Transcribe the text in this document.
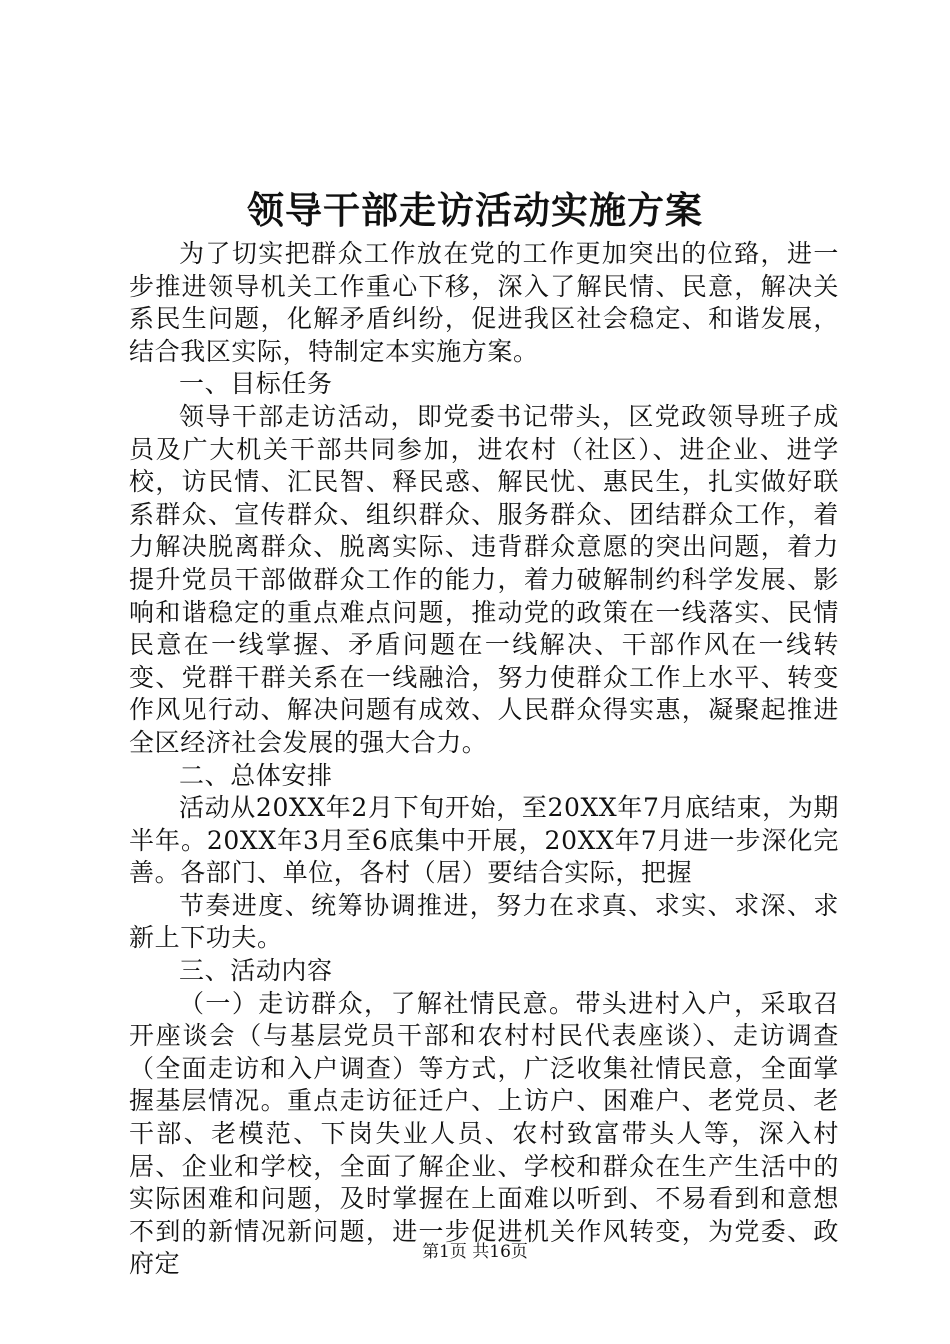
领导干部走访活动实施方案

为了切实把群众工作放在党的工作更加突出的位臵，进一步推进领导机关工作重心下移，深入了解民情、民意，解决关系民生问题，化解矛盾纠纷，促进我区社会稳定、和谐发展，结合我区实际，特制定本实施方案。

一、目标任务

领导干部走访活动，即党委书记带头，区党政领导班子成员及广大机关干部共同参加，进农村（社区）、进企业、进学校，访民情、汇民智、释民惑、解民忧、惠民生，扎实做好联系群众、宣传群众、组织群众、服务群众、团结群众工作，着力解决脱离群众、脱离实际、违背群众意愿的突出问题，着力提升党员干部做群众工作的能力，着力破解制约科学发展、影响和谐稳定的重点难点问题，推动党的政策在一线落实、民情民意在一线掌握、矛盾问题在一线解决、干部作风在一线转变、党群干群关系在一线融洽，努力使群众工作上水平、转变作风见行动、解决问题有成效、人民群众得实惠，凝聚起推进全区经济社会发展的强大合力。

二、总体安排

活动从20XX年2月下旬开始，至20XX年7月底结束，为期半年。20XX年3月至6底集中开展，20XX年7月进一步深化完善。各部门、单位，各村（居）要结合实际，把握

节奏进度、统筹协调推进，努力在求真、求实、求深、求新上下功夫。

三、活动内容

（一）走访群众，了解社情民意。带头进村入户，采取召开座谈会（与基层党员干部和农村村民代表座谈）、走访调查（全面走访和入户调查）等方式，广泛收集社情民意，全面掌握基层情况。重点走访征迁户、上访户、困难户、老党员、老干部、老模范、下岗失业人员、农村致富带头人等，深入村居、企业和学校，全面了解企业、学校和群众在生产生活中的实际困难和问题，及时掌握在上面难以听到、不易看到和意想不到的新情况新问题，进一步促进机关作风转变，为党委、政府定	第1页 共16页
